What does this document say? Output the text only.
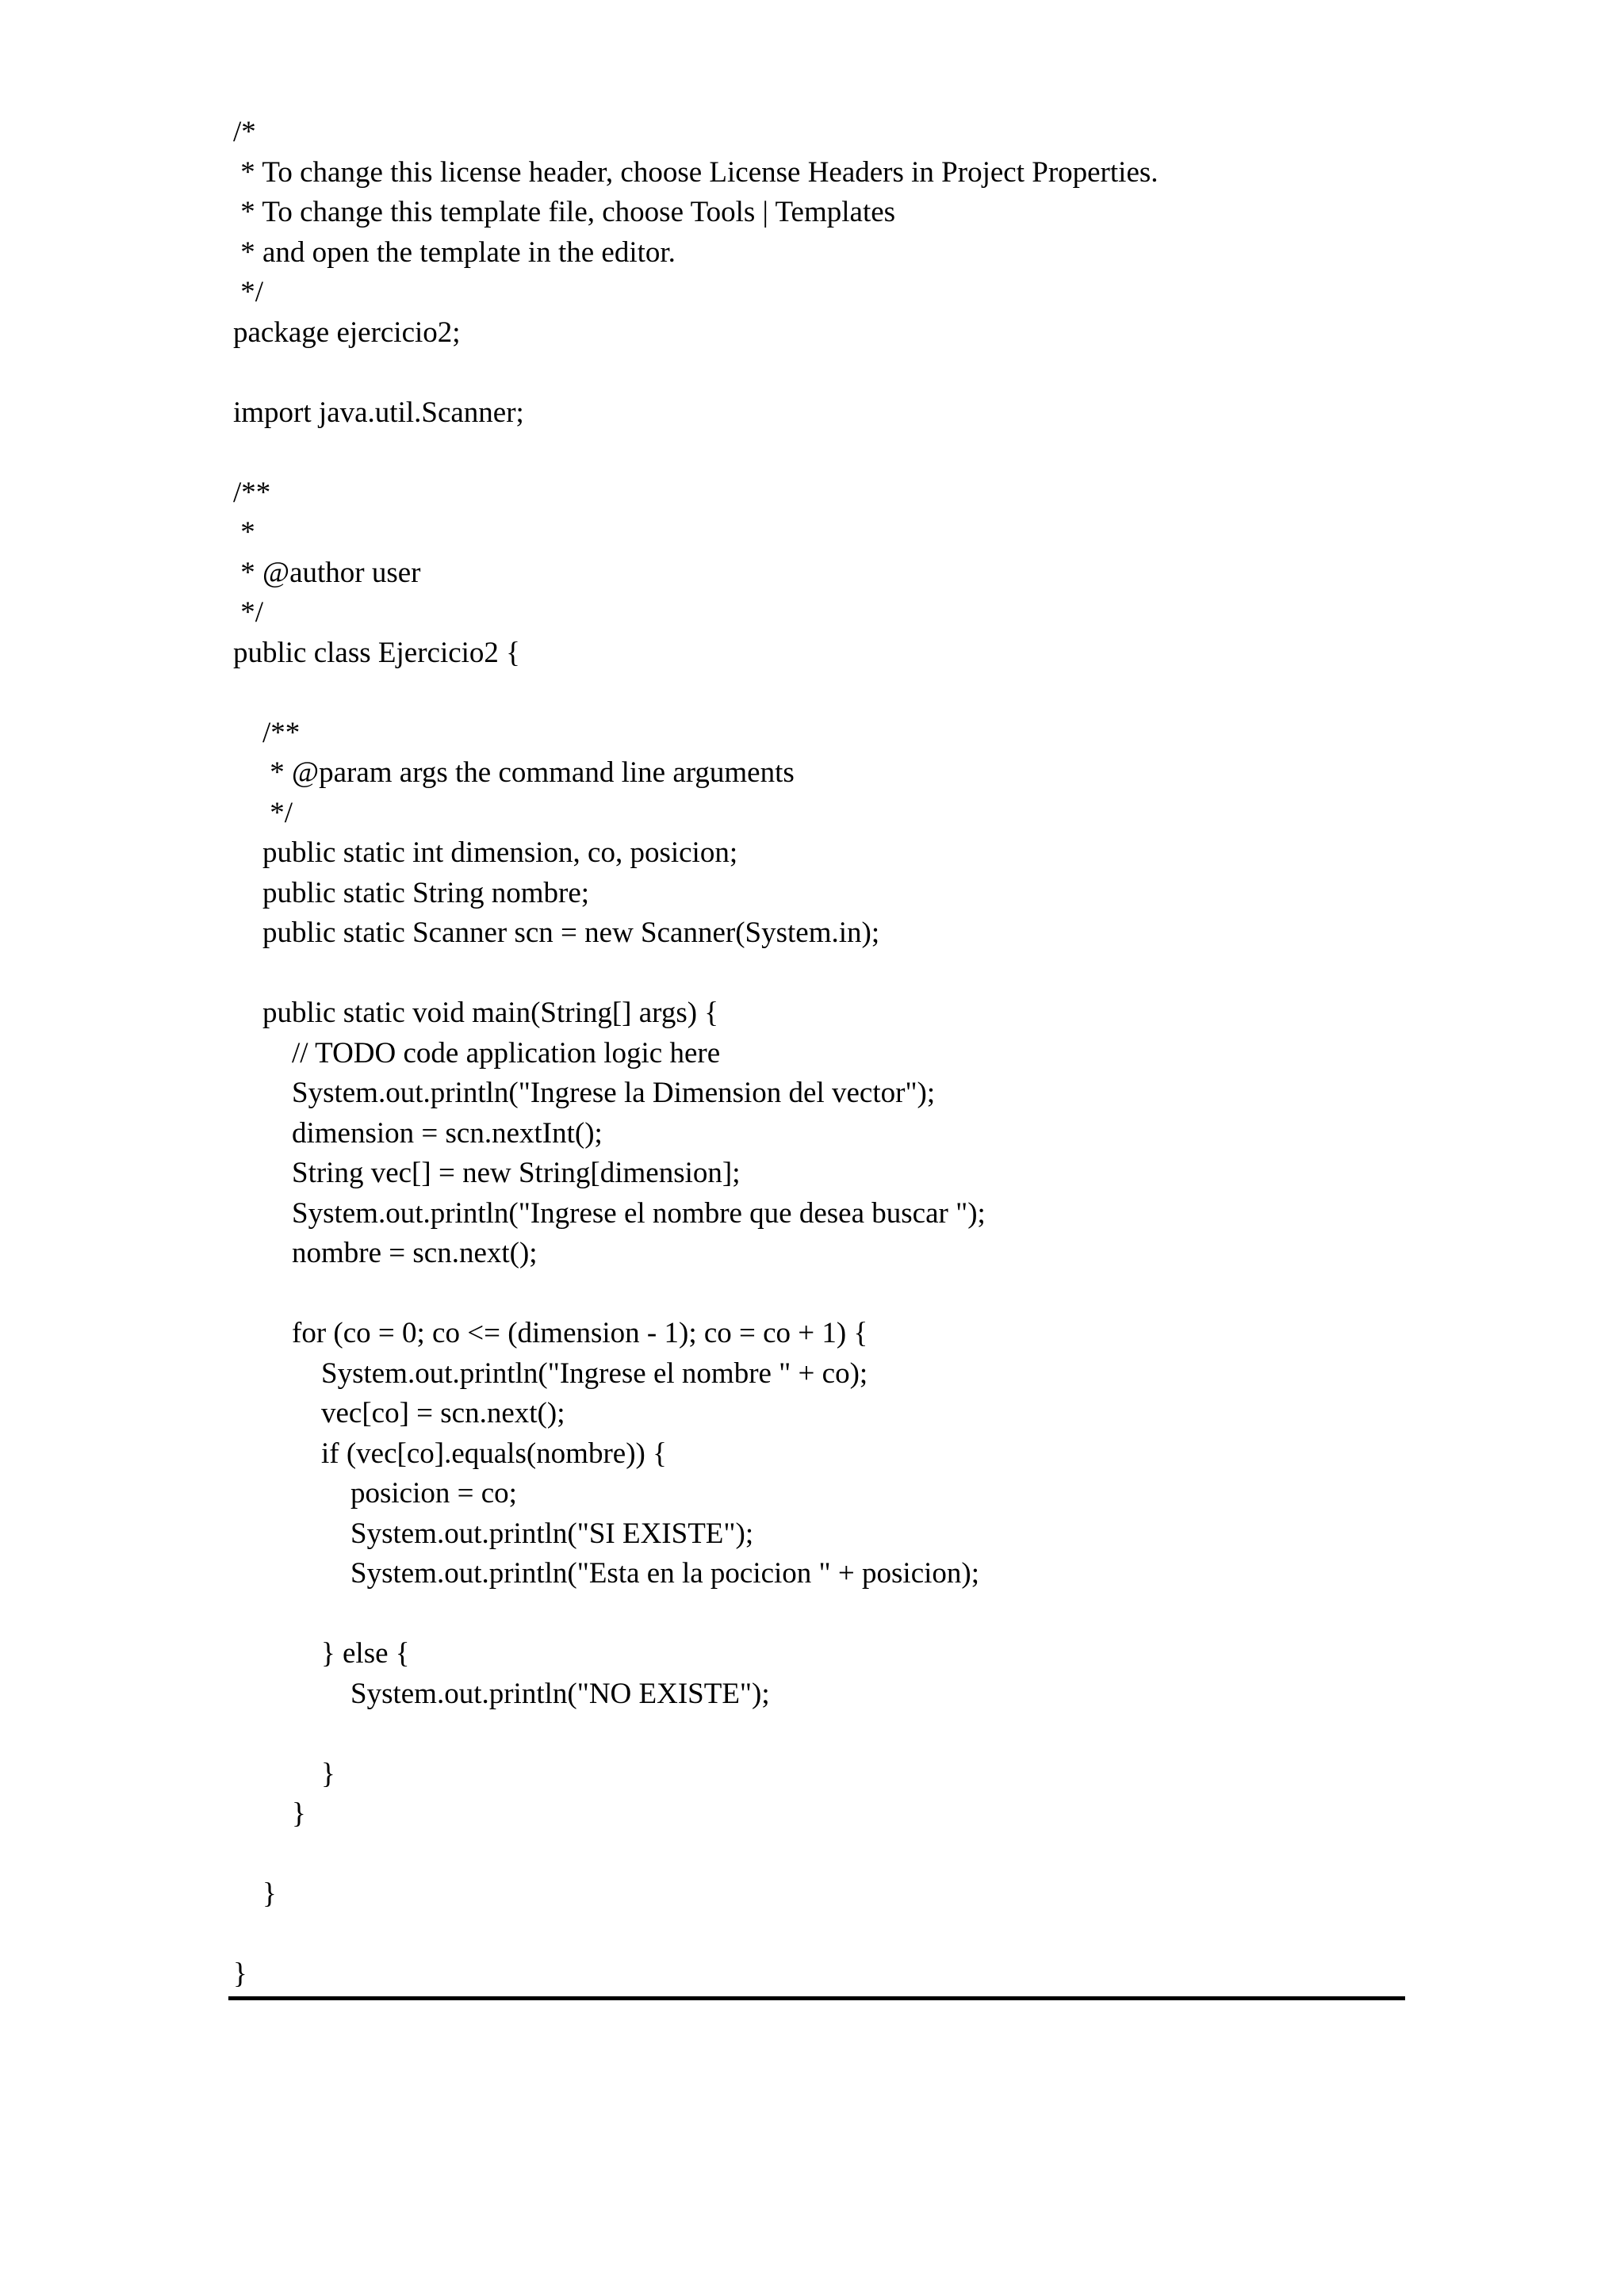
/*
* To change this license header, choose License Headers in Project Properties.
* To change this template file, choose Tools | Templates
* and open the template in the editor.
*/
package ejercicio2;
import java.util.Scanner;
/**
*
* @author user
*/
public class Ejercicio2 {
/**
* @param args the command line arguments
*/
public static int dimension, co, posicion;
public static String nombre;
public static Scanner scn = new Scanner(System.in);
public static void main(String[] args) {
// TODO code application logic here
System.out.println("Ingrese la Dimension del vector");
dimension = scn.nextInt();
String vec[] = new String[dimension];
System.out.println("Ingrese el nombre que desea buscar ");
nombre = scn.next();
for (co = 0; co <= (dimension - 1); co = co + 1) {
System.out.println("Ingrese el nombre " + co);
vec[co] = scn.next();
if (vec[co].equals(nombre)) {
posicion = co;
System.out.println("SI EXISTE");
System.out.println("Esta en la pocicion " + posicion);
} else {
System.out.println("NO EXISTE");
}
}
}
}
